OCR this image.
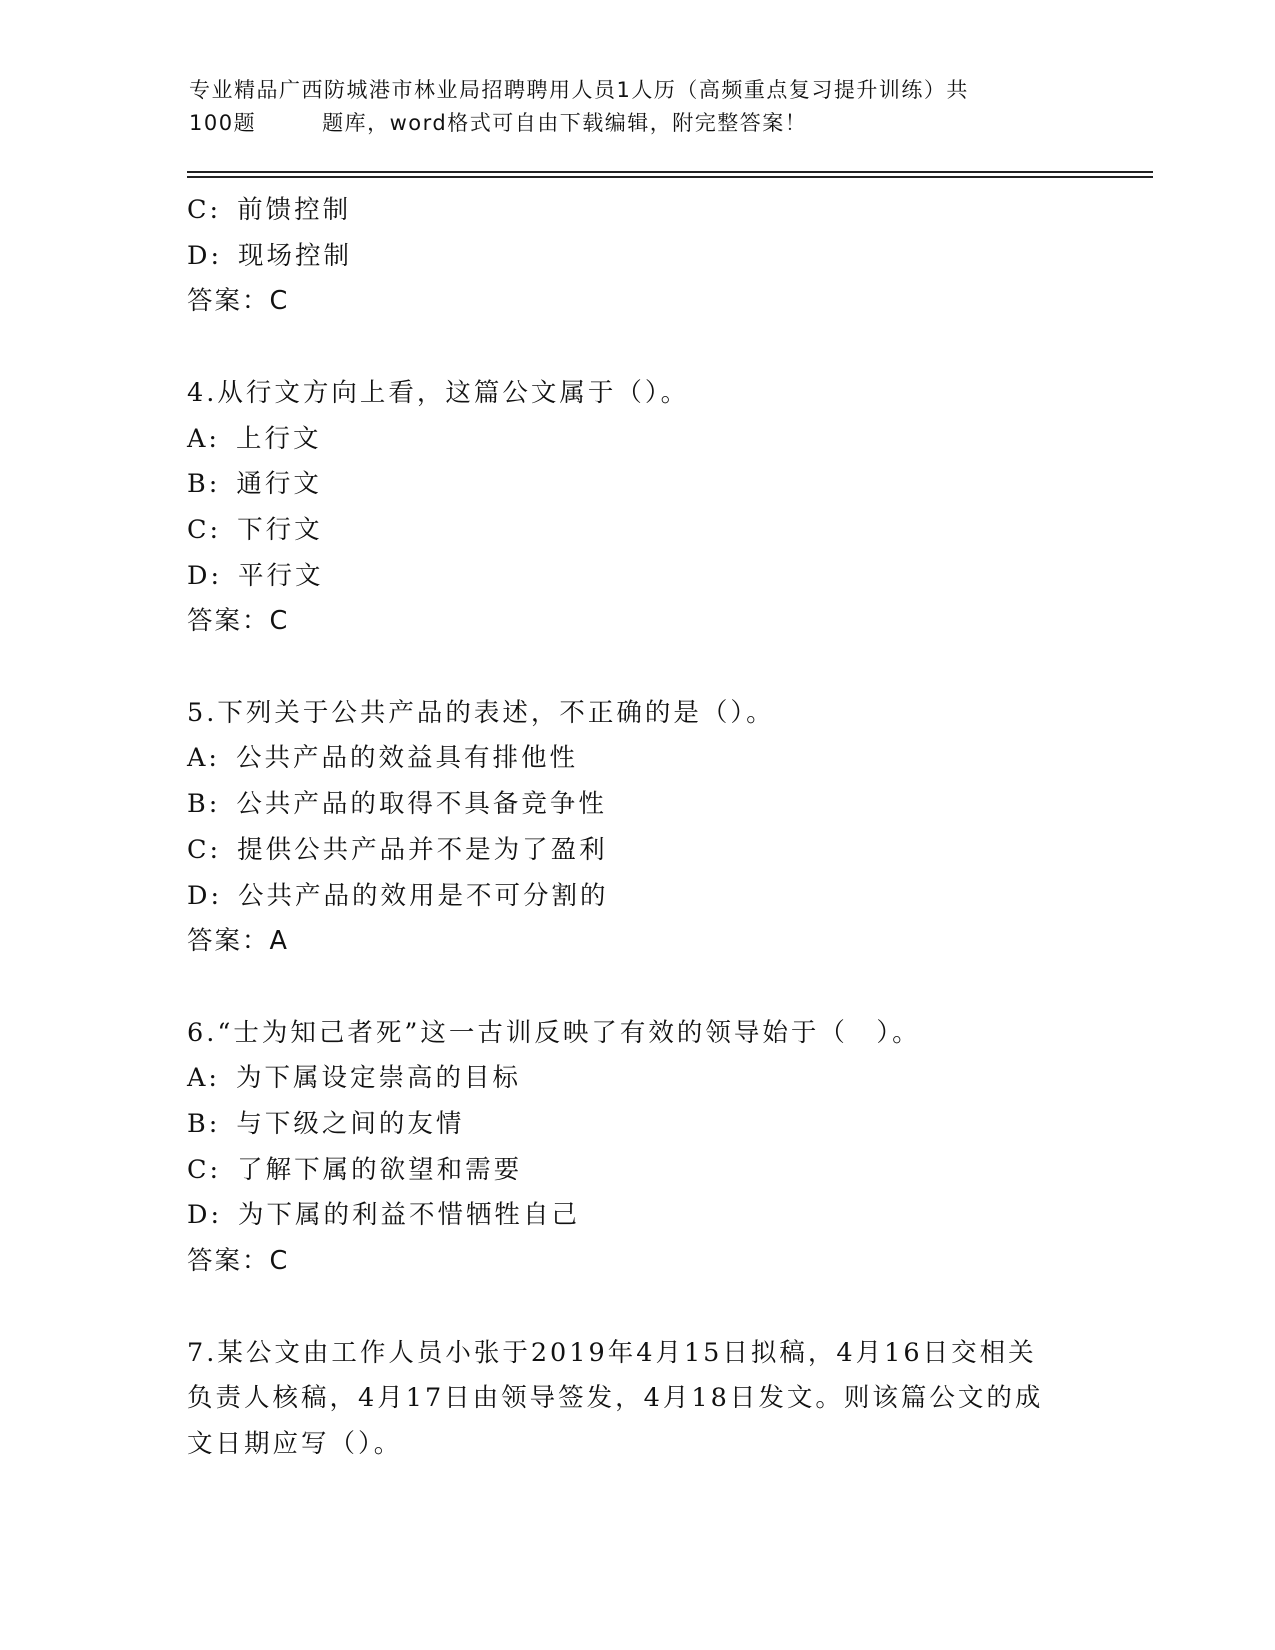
专业精品广西防城港市林业局招聘聘用人员1人历（高频重点复习提升训练）共
100题	题库，word格式可自由下载编辑，附完整答案！
C: 前馈控制
D: 现场控制
答案：C
4.从行文方向上看，这篇公文属于（）。
A: 上行文
B: 通行文
C: 下行文
D: 平行文
答案：C
5.下列关于公共产品的表述，不正确的是（）。
A: 公共产品的效益具有排他性
B: 公共产品的取得不具备竞争性
C: 提供公共产品并不是为了盈利
D: 公共产品的效用是不可分割的
答案：A
6.“士为知己者死”这一古训反映了有效的领导始于（　）。
A: 为下属设定崇高的目标
B: 与下级之间的友情
C: 了解下属的欲望和需要
D: 为下属的利益不惜牺牲自己
答案：C
7.某公文由工作人员小张于2019年4月15日拟稿，4月16日交相关
负责人核稿，4月17日由领导签发，4月18日发文。则该篇公文的成
文日期应写（）。
